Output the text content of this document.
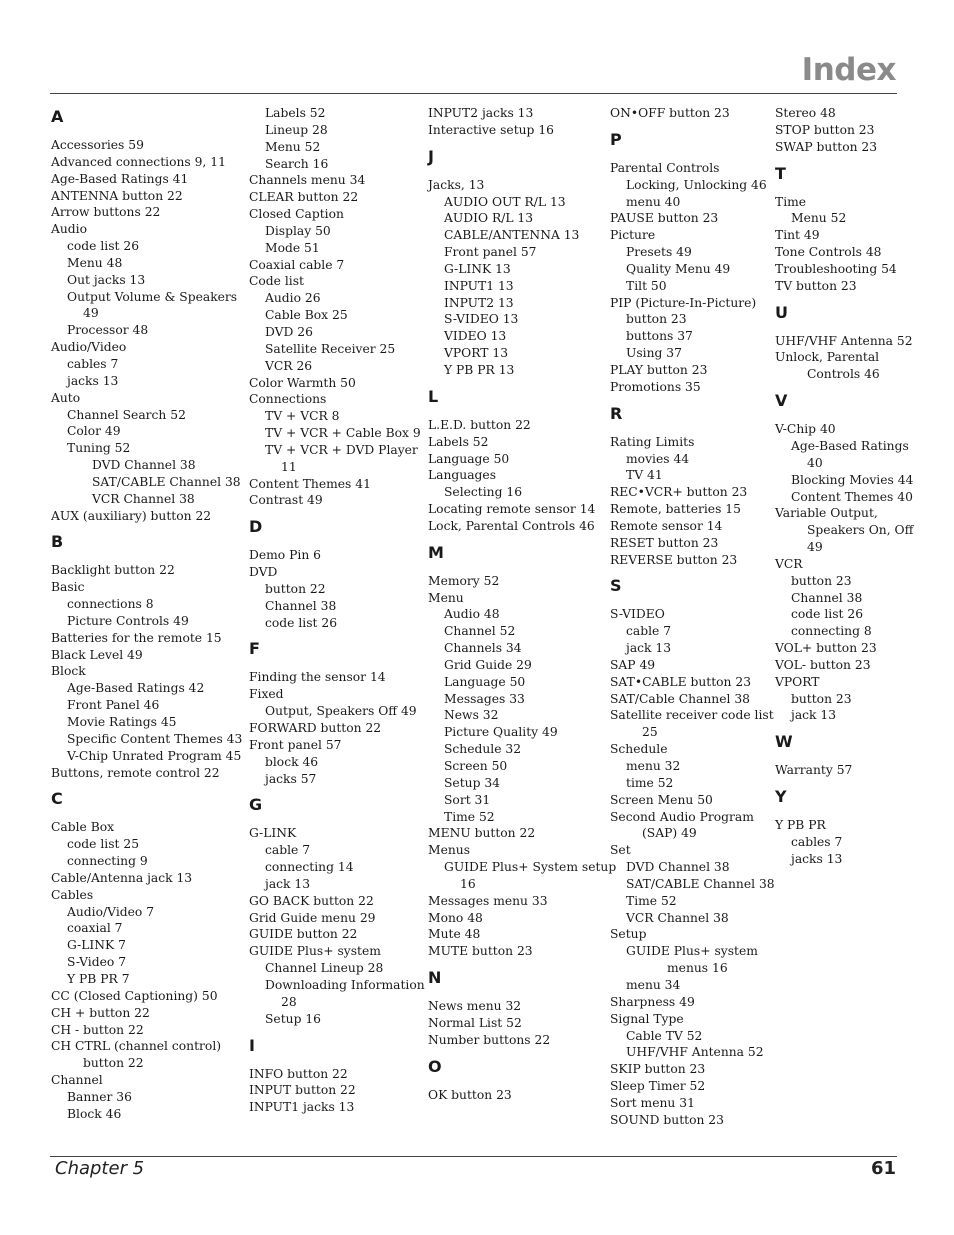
Index
A
Accessories 59
Advanced connections 9, 11
Age-Based Ratings 41
ANTENNA button 22
Arrow buttons 22
Audio
code list 26
Menu 48
Out jacks 13
Output Volume & Speakers
49
Processor 48
Audio/Video
cables 7
jacks 13
Auto
Channel Search 52
Color 49
Tuning 52
DVD Channel 38
SAT/CABLE Channel 38
VCR Channel 38
AUX (auxiliary) button 22
B
Backlight button 22
Basic
connections 8
Picture Controls 49
Batteries for the remote 15
Black Level 49
Block
Age-Based Ratings 42
Front Panel 46
Movie Ratings 45
Specific Content Themes 43
V-Chip Unrated Program 45
Buttons, remote control 22
C
Cable Box
code list 25
connecting 9
Cable/Antenna jack 13
Cables
Audio/Video 7
coaxial 7
G-LINK 7
S-Video 7
Y PB PR 7
CC (Closed Captioning) 50
CH + button 22
CH - button 22
CH CTRL (channel control)
button 22
Channel
Banner 36
Block 46
Labels 52
Lineup 28
Menu 52
Search 16
Channels menu 34
CLEAR button 22
Closed Caption
Display 50
Mode 51
Coaxial cable 7
Code list
Audio 26
Cable Box 25
DVD 26
Satellite Receiver 25
VCR 26
Color Warmth 50
Connections
TV + VCR 8
TV + VCR + Cable Box 9
TV + VCR + DVD Player
11
Content Themes 41
Contrast 49
D
Demo Pin 6
DVD
button 22
Channel 38
code list 26
F
Finding the sensor 14
Fixed
Output, Speakers Off 49
FORWARD button 22
Front panel 57
block 46
jacks 57
G
G-LINK
cable 7
connecting 14
jack 13
GO BACK button 22
Grid Guide menu 29
GUIDE button 22
GUIDE Plus+ system
Channel Lineup 28
Downloading Information
28
Setup 16
I
INFO button 22
INPUT button 22
INPUT1 jacks 13
INPUT2 jacks 13
Interactive setup 16
J
Jacks, 13
AUDIO OUT R/L 13
AUDIO R/L 13
CABLE/ANTENNA 13
Front panel 57
G-LINK 13
INPUT1 13
INPUT2 13
S-VIDEO 13
VIDEO 13
VPORT 13
Y PB PR 13
L
L.E.D. button 22
Labels 52
Language 50
Languages
Selecting 16
Locating remote sensor 14
Lock, Parental Controls 46
M
Memory 52
Menu
Audio 48
Channel 52
Channels 34
Grid Guide 29
Language 50
Messages 33
News 32
Picture Quality 49
Schedule 32
Screen 50
Setup 34
Sort 31
Time 52
MENU button 22
Menus
GUIDE Plus+ System setup
16
Messages menu 33
Mono 48
Mute 48
MUTE button 23
N
News menu 32
Normal List 52
Number buttons 22
O
OK button 23
ON•OFF button 23
P
Parental Controls
Locking, Unlocking 46
menu 40
PAUSE button 23
Picture
Presets 49
Quality Menu 49
Tilt 50
PIP (Picture-In-Picture)
button 23
buttons 37
Using 37
PLAY button 23
Promotions 35
R
Rating Limits
movies 44
TV 41
REC•VCR+ button 23
Remote, batteries 15
Remote sensor 14
RESET button 23
REVERSE button 23
S
S-VIDEO
cable 7
jack 13
SAP 49
SAT•CABLE button 23
SAT/Cable Channel 38
Satellite receiver code list
25
Schedule
menu 32
time 52
Screen Menu 50
Second Audio Program
(SAP) 49
Set
DVD Channel 38
SAT/CABLE Channel 38
Time 52
VCR Channel 38
Setup
GUIDE Plus+ system
menus 16
menu 34
Sharpness 49
Signal Type
Cable TV 52
UHF/VHF Antenna 52
SKIP button 23
Sleep Timer 52
Sort menu 31
SOUND button 23
Stereo 48
STOP button 23
SWAP button 23
T
Time
Menu 52
Tint 49
Tone Controls 48
Troubleshooting 54
TV button 23
U
UHF/VHF Antenna 52
Unlock, Parental
Controls 46
V
V-Chip 40
Age-Based Ratings
40
Blocking Movies 44
Content Themes 40
Variable Output,
Speakers On, Off
49
VCR
button 23
Channel 38
code list 26
connecting 8
VOL+ button 23
VOL- button 23
VPORT
button 23
jack 13
W
Warranty 57
Y
Y PB PR
cables 7
jacks 13
Chapter 5	61
